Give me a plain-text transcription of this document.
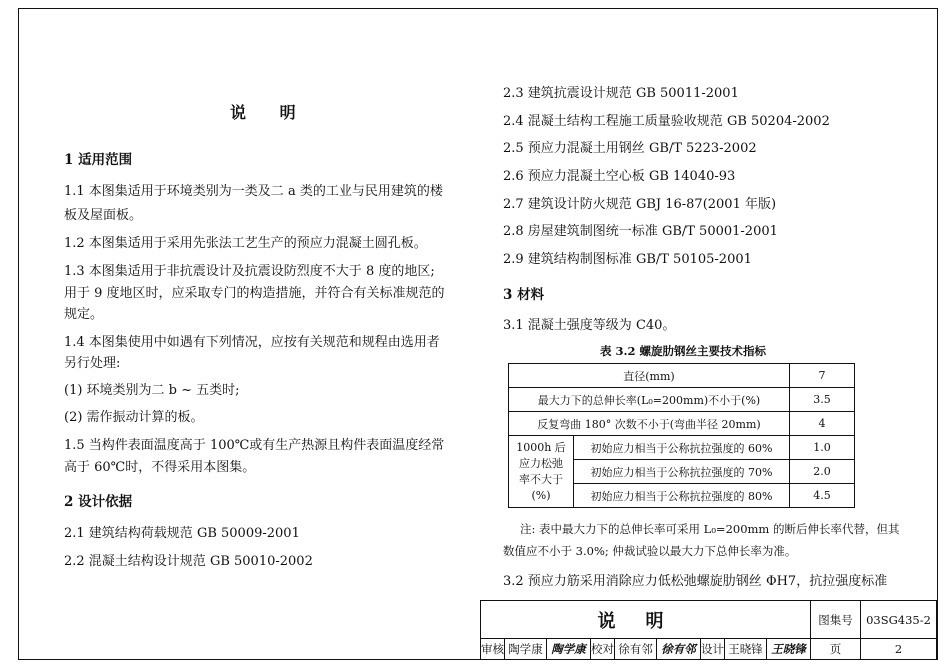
说 明
1 适用范围
1.1 本图集适用于环境类别为一类及二 a 类的工业与民用建筑的楼
板及屋面板。
1.2 本图集适用于采用先张法工艺生产的预应力混凝土圆孔板。
1.3 本图集适用于非抗震设计及抗震设防烈度不大于 8 度的地区;
用于 9 度地区时，应采取专门的构造措施，并符合有关标准规范的
规定。
1.4 本图集使用中如遇有下列情况，应按有关规范和规程由选用者
另行处理:
(1) 环境类别为二 b ~ 五类时;
(2) 需作振动计算的板。
1.5 当构件表面温度高于 100℃或有生产热源且构件表面温度经常
高于 60℃时，不得采用本图集。
2 设计依据
2.1 建筑结构荷载规范 GB 50009-2001
2.2 混凝土结构设计规范 GB 50010-2002
2.3 建筑抗震设计规范 GB 50011-2001
2.4 混凝土结构工程施工质量验收规范 GB 50204-2002
2.5 预应力混凝土用钢丝 GB/T 5223-2002
2.6 预应力混凝土空心板 GB 14040-93
2.7 建筑设计防火规范 GBJ 16-87(2001 年版)
2.8 房屋建筑制图统一标准 GB/T 50001-2001
2.9 建筑结构制图标准 GB/T 50105-2001
3 材料
3.1 混凝土强度等级为 C40。
表 3.2 螺旋肋钢丝主要技术指标
直径(mm)		7
最大力下的总伸长率(L₀=200mm)不小于(%)		3.5
反复弯曲 180° 次数不小于(弯曲半径 20mm)		4

1000h 后
应力松弛
率不大于
(%)	初始应力相当于公称抗拉强度的 60%	1.0
	初始应力相当于公称抗拉强度的 70%	2.0
	初始应力相当于公称抗拉强度的 80%	4.5
注: 表中最大力下的总伸长率可采用 L₀=200mm 的断后伸长率代替，但其
数值应不小于 3.0%; 仲裁试验以最大力下总伸长率为准。
3.2 预应力筋采用消除应力低松弛螺旋肋钢丝 ΦH7，抗拉强度标准
说明	图集号	03SG435-2
审核 陶学康 陶学康 校对 徐有邻 徐有邻 设计 王晓锋 王晓锋	页	2
